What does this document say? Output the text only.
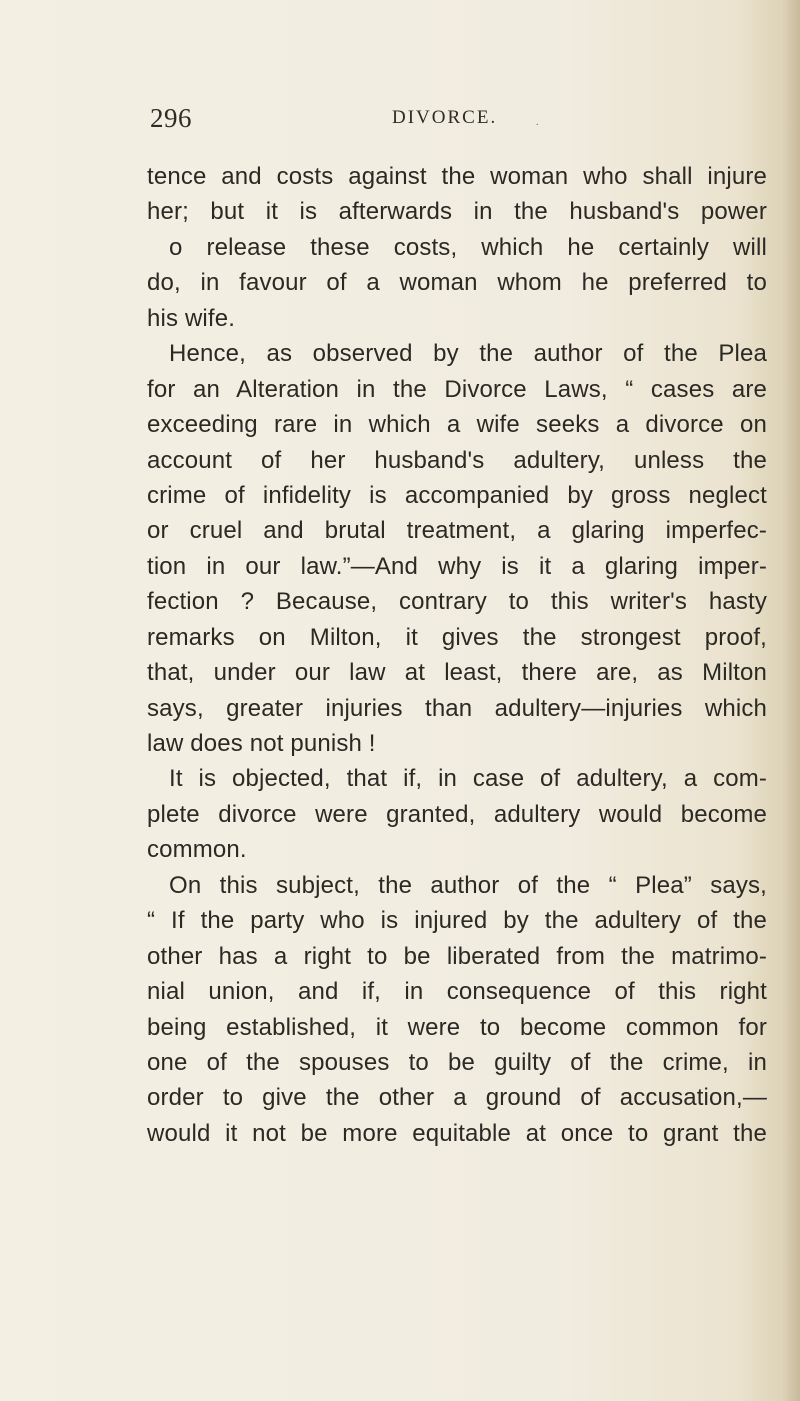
296	DIVORCE.	.
tence and costs against the woman who shall injure
her; but it is afterwards in the husband's power
o release these costs, which he certainly will
do, in favour of a woman whom he preferred to
his wife.
Hence, as observed by the author of the Plea
for an Alteration in the Divorce Laws, “ cases are
exceeding rare in which a wife seeks a divorce on
account of her husband's adultery, unless the
crime of infidelity is accompanied by gross neglect
or cruel and brutal treatment, a glaring imperfec-
tion in our law.”—And why is it a glaring imper-
fection ? Because, contrary to this writer's hasty
remarks on Milton, it gives the strongest proof,
that, under our law at least, there are, as Milton
says, greater injuries than adultery—injuries which
law does not punish !
It is objected, that if, in case of adultery, a com-
plete divorce were granted, adultery would become
common.
On this subject, the author of the “ Plea” says,
“ If the party who is injured by the adultery of the
other has a right to be liberated from the matrimo-
nial union, and if, in consequence of this right
being established, it were to become common for
one of the spouses to be guilty of the crime, in
order to give the other a ground of accusation,—
would it not be more equitable at once to grant the
